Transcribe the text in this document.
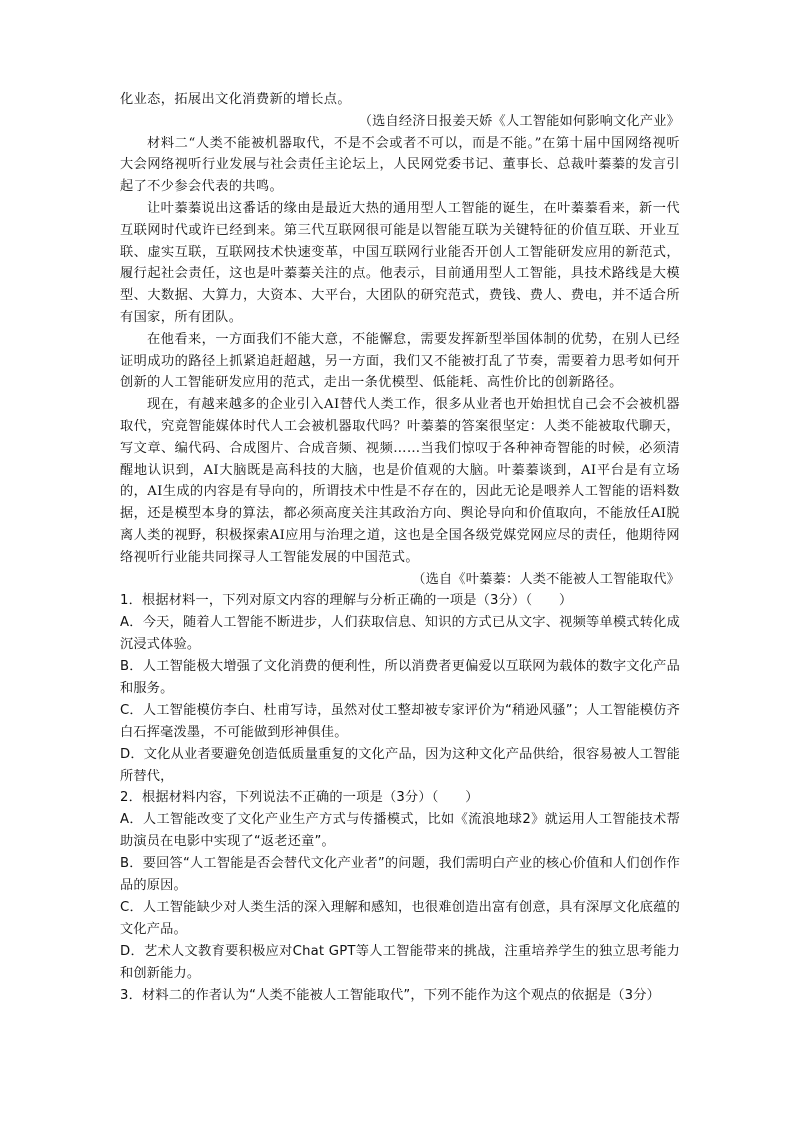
化业态，拓展出文化消费新的增长点。

（选自经济日报姜天娇《人工智能如何影响文化产业》

材料二“人类不能被机器取代，不是不会或者不可以，而是不能。”在第十届中国网络视听大会网络视听行业发展与社会责任主论坛上，人民网党委书记、董事长、总裁叶蓁蓁的发言引起了不少参会代表的共鸣。

让叶蓁蓁说出这番话的缘由是最近大热的通用型人工智能的诞生，在叶蓁蓁看来，新一代互联网时代或许已经到来。第三代互联网很可能是以智能互联为关键特征的价值互联、开业互联、虚实互联，互联网技术快速变革，中国互联网行业能否开创人工智能研发应用的新范式，履行起社会责任，这也是叶蓁蓁关注的点。他表示，目前通用型人工智能，具技术路线是大模型、大数据、大算力，大资本、大平台，大团队的研究范式，费钱、费人、费电，并不适合所有国家，所有团队。

在他看来，一方面我们不能大意，不能懈怠，需要发挥新型举国体制的优势，在别人已经证明成功的路径上抓紧追赶超越，另一方面，我们又不能被打乱了节奏，需要着力思考如何开创新的人工智能研发应用的范式，走出一条优模型、低能耗、高性价比的创新路径。

现在，有越来越多的企业引入AI替代人类工作，很多从业者也开始担忧自己会不会被机器取代，究竟智能媒体时代人工会被机器取代吗？叶蓁蓁的答案很坚定：人类不能被取代聊天，写文章、编代码、合成图片、合成音频、视频……当我们惊叹于各种神奇智能的时候，必须清醒地认识到，AI大脑既是高科技的大脑，也是价值观的大脑。叶蓁蓁谈到，AI平台是有立场的，AI生成的内容是有导向的，所谓技术中性是不存在的，因此无论是喂养人工智能的语料数据，还是模型本身的算法，都必须高度关注其政治方向、舆论导向和价值取向，不能放任AI脱离人类的视野，积极探索AI应用与治理之道，这也是全国各级党媒党网应尽的责任，他期待网络视听行业能共同探寻人工智能发展的中国范式。

（选自《叶蓁蓁：人类不能被人工智能取代》

1．根据材料一，下列对原文内容的理解与分析正确的一项是（3分）（　　）

A．今天，随着人工智能不断进步，人们获取信息、知识的方式已从文字、视频等单模式转化成沉浸式体验。

B．人工智能极大增强了文化消费的便利性，所以消费者更偏爱以互联网为载体的数字文化产品和服务。

C．人工智能模仿李白、杜甫写诗，虽然对仗工整却被专家评价为“稍逊风骚”；人工智能模仿齐白石挥毫泼墨，不可能做到形神俱佳。

D．文化从业者要避免创造低质量重复的文化产品，因为这种文化产品供给，很容易被人工智能所替代，

2．根据材料内容，下列说法不正确的一项是（3分）（　　）

A．人工智能改变了文化产业生产方式与传播模式，比如《流浪地球2》就运用人工智能技术帮助演员在电影中实现了“返老还童”。

B．要回答“人工智能是否会替代文化产业者”的问题，我们需明白产业的核心价值和人们创作作品的原因。

C．人工智能缺少对人类生活的深入理解和感知，也很难创造出富有创意，具有深厚文化底蕴的文化产品。

D．艺术人文教育要积极应对Chat GPT等人工智能带来的挑战，注重培养学生的独立思考能力和创新能力。

3．材料二的作者认为“人类不能被人工智能取代”，下列不能作为这个观点的依据是（3分）
